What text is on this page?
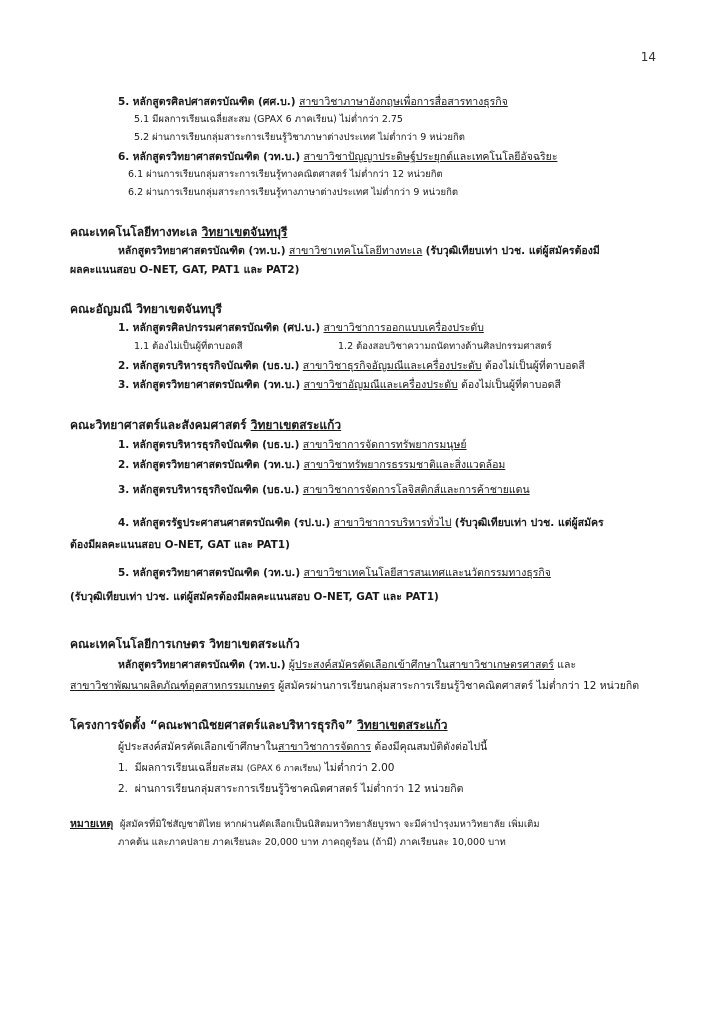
14
5. หลักสูตรศิลปศาสตรบัณฑิต (ศศ.บ.) สาขาวิชาภาษาอังกฤษเพื่อการสื่อสารทางธุรกิจ
5.1 มีผลการเรียนเฉลี่ยสะสม (GPAX 6 ภาคเรียน) ไม่ต่ำกว่า 2.75
5.2 ผ่านการเรียนกลุ่มสาระการเรียนรู้วิชาภาษาต่างประเทศ ไม่ต่ำกว่า 9 หน่วยกิต
6. หลักสูตรวิทยาศาสตรบัณฑิต (วท.บ.) สาขาวิชาปัญญาประดิษฐ์ประยุกต์และเทคโนโลยีอัจฉริยะ
6.1 ผ่านการเรียนกลุ่มสาระการเรียนรู้ทางคณิตศาสตร์ ไม่ต่ำกว่า 12 หน่วยกิต
6.2 ผ่านการเรียนกลุ่มสาระการเรียนรู้ทางภาษาต่างประเทศ ไม่ต่ำกว่า 9 หน่วยกิต
คณะเทคโนโลยีทางทะเล วิทยาเขตจันทบุรี
หลักสูตรวิทยาศาสตรบัณฑิต (วท.บ.) สาขาวิชาเทคโนโลยีทางทะเล (รับวุฒิเทียบเท่า ปวช. แต่ผู้สมัครต้องมี
ผลคะแนนสอบ O-NET, GAT, PAT1 และ PAT2)
คณะอัญมณี วิทยาเขตจันทบุรี
1. หลักสูตรศิลปกรรมศาสตรบัณฑิต (ศป.บ.) สาขาวิชาการออกแบบเครื่องประดับ
1.1 ต้องไม่เป็นผู้ที่ตาบอดสี	1.2 ต้องสอบวิชาความถนัดทางด้านศิลปกรรมศาสตร์
2. หลักสูตรบริหารธุรกิจบัณฑิต (บธ.บ.) สาขาวิชาธุรกิจอัญมณีและเครื่องประดับ ต้องไม่เป็นผู้ที่ตาบอดสี
3. หลักสูตรวิทยาศาสตรบัณฑิต (วท.บ.) สาขาวิชาอัญมณีและเครื่องประดับ ต้องไม่เป็นผู้ที่ตาบอดสี
คณะวิทยาศาสตร์และสังคมศาสตร์ วิทยาเขตสระแก้ว
1. หลักสูตรบริหารธุรกิจบัณฑิต (บธ.บ.) สาขาวิชาการจัดการทรัพยากรมนุษย์
2. หลักสูตรวิทยาศาสตรบัณฑิต (วท.บ.) สาขาวิชาทรัพยากรธรรมชาติและสิ่งแวดล้อม
3. หลักสูตรบริหารธุรกิจบัณฑิต (บธ.บ.) สาขาวิชาการจัดการโลจิสติกส์และการค้าชายแดน
4. หลักสูตรรัฐประศาสนศาสตรบัณฑิต (รป.บ.) สาขาวิชาการบริหารทั่วไป (รับวุฒิเทียบเท่า ปวช. แต่ผู้สมัคร
ต้องมีผลคะแนนสอบ O-NET, GAT และ PAT1)
5. หลักสูตรวิทยาศาสตรบัณฑิต (วท.บ.) สาขาวิชาเทคโนโลยีสารสนเทศและนวัตกรรมทางธุรกิจ
(รับวุฒิเทียบเท่า ปวช. แต่ผู้สมัครต้องมีผลคะแนนสอบ O-NET, GAT และ PAT1)
คณะเทคโนโลยีการเกษตร วิทยาเขตสระแก้ว
หลักสูตรวิทยาศาสตรบัณฑิต (วท.บ.) ผู้ประสงค์สมัครคัดเลือกเข้าศึกษาในสาขาวิชาเกษตรศาสตร์ และ
สาขาวิชาพัฒนาผลิตภัณฑ์อุตสาหกรรมเกษตร ผู้สมัครผ่านการเรียนกลุ่มสาระการเรียนรู้วิชาคณิตศาสตร์ ไม่ต่ำกว่า 12 หน่วยกิต
โครงการจัดตั้ง “คณะพาณิชยศาสตร์และบริหารธุรกิจ” วิทยาเขตสระแก้ว
ผู้ประสงค์สมัครคัดเลือกเข้าศึกษาในสาขาวิชาการจัดการ ต้องมีคุณสมบัติดังต่อไปนี้
1. มีผลการเรียนเฉลี่ยสะสม (GPAX 6 ภาคเรียน) ไม่ต่ำกว่า 2.00
2. ผ่านการเรียนกลุ่มสาระการเรียนรู้วิชาคณิตศาสตร์ ไม่ต่ำกว่า 12 หน่วยกิต
หมายเหตุ ผู้สมัครที่มิใช่สัญชาติไทย หากผ่านคัดเลือกเป็นนิสิตมหาวิทยาลัยบูรพา จะมีค่าบำรุงมหาวิทยาลัย เพิ่มเติม
ภาคต้น และภาคปลาย ภาคเรียนละ 20,000 บาท ภาคฤดูร้อน (ถ้ามี) ภาคเรียนละ 10,000 บาท
